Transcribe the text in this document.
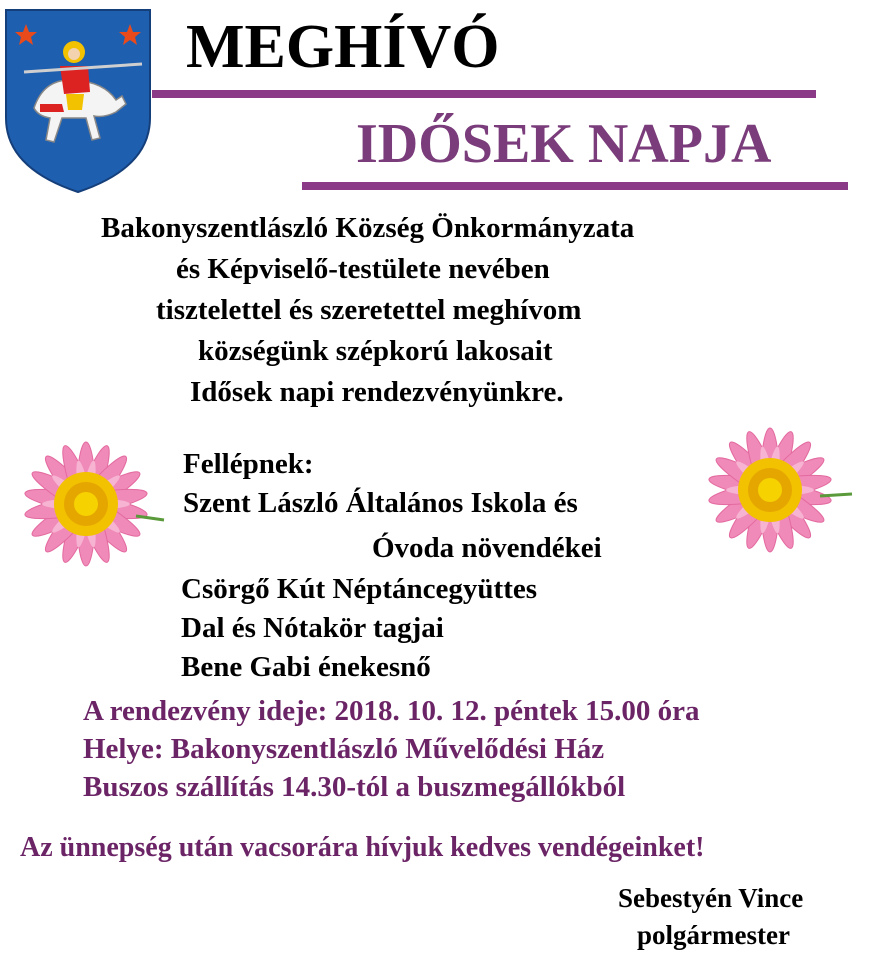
MEGHÍVÓ
IDŐSEK NAPJA
Bakonyszentlászló Község Önkormányzata
és Képviselő-testülete nevében
tisztelettel és szeretettel meghívom
községünk szépkorú lakosait
Idősek napi rendezvényünkre.
Fellépnek:
Szent László Általános Iskola és
Óvoda növendékei
Csörgő Kút Néptáncegyüttes
Dal és Nótakör tagjai
Bene Gabi énekesnő
A rendezvény ideje: 2018. 10. 12. péntek 15.00 óra
Helye: Bakonyszentlászló Művelődési Ház
Buszos szállítás 14.30-tól a buszmegállókból
Az ünnepség után vacsorára hívjuk kedves vendégeinket!
Sebestyén Vince
polgármester
